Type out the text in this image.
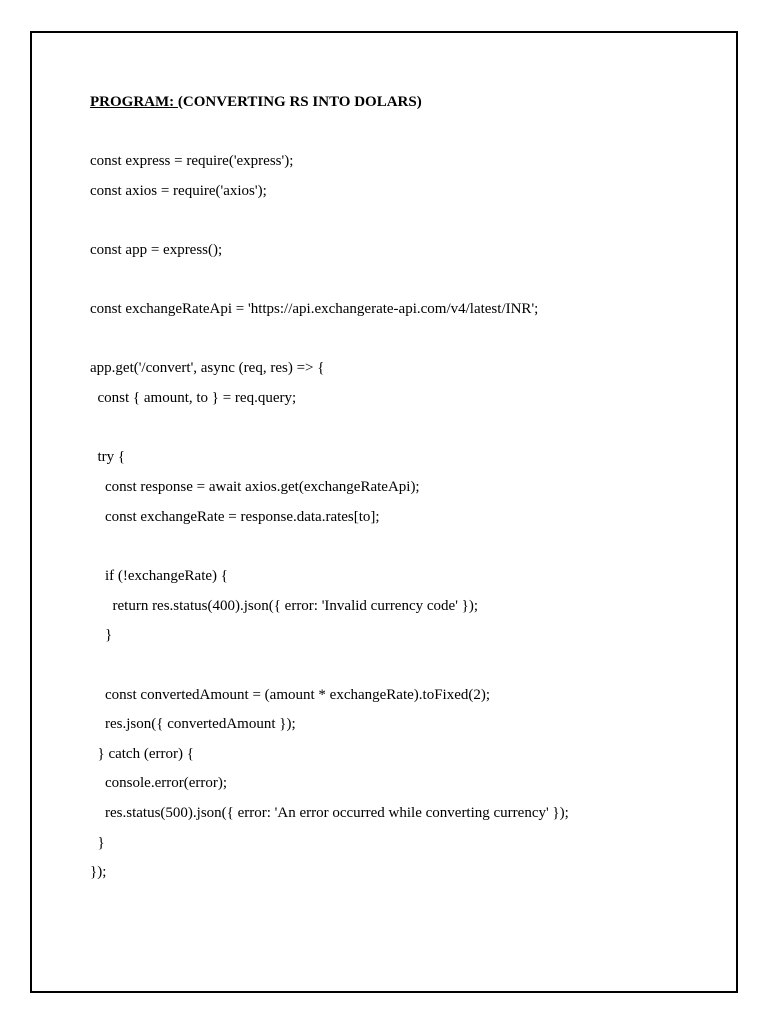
PROGRAM: (CONVERTING RS INTO DOLARS)
const express = require('express');
const axios = require('axios');
const app = express();
const exchangeRateApi = 'https://api.exchangerate-api.com/v4/latest/INR';
app.get('/convert', async (req, res) => {
const { amount, to } = req.query;
try {
const response = await axios.get(exchangeRateApi);
const exchangeRate = response.data.rates[to];
if (!exchangeRate) {
return res.status(400).json({ error: 'Invalid currency code' });
}
const convertedAmount = (amount * exchangeRate).toFixed(2);
res.json({ convertedAmount });
} catch (error) {
console.error(error);
res.status(500).json({ error: 'An error occurred while converting currency' });
}
});
